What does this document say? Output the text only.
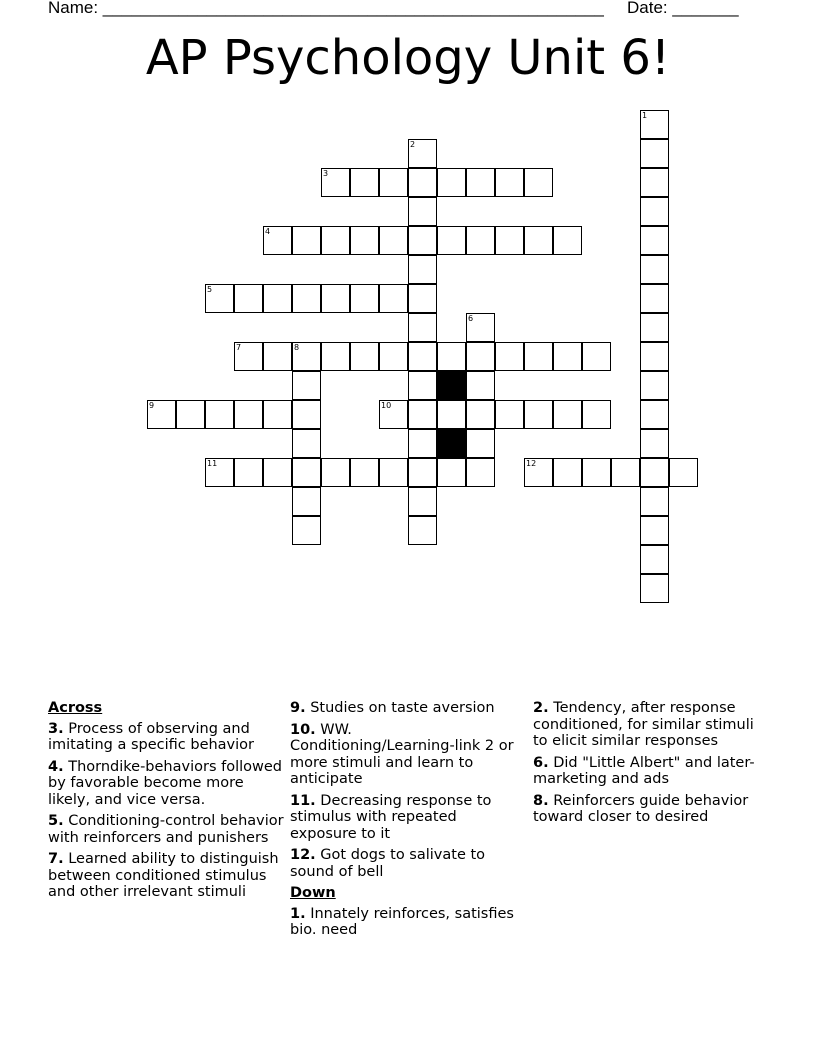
Name: _____________________________________________________ Date: _______
AP Psychology Unit 6!
1
2
3
4
5
6
7	8
9	10
11	12
Across
3. Process of observing and imitating a specific behavior
4. Thorndike-behaviors followed by favorable become more likely, and vice versa.
5. Conditioning-control behavior with reinforcers and punishers
7. Learned ability to distinguish between conditioned stimulus and other irrelevant stimuli
9. Studies on taste aversion
10. WW. Conditioning/Learning-link 2 or more stimuli and learn to anticipate
11. Decreasing response to stimulus with repeated exposure to it
12. Got dogs to salivate to sound of bell
Down
1. Innately reinforces, satisfies bio. need
2. Tendency, after response conditioned, for similar stimuli to elicit similar responses
6. Did "Little Albert" and later-marketing and ads
8. Reinforcers guide behavior toward closer to desired
